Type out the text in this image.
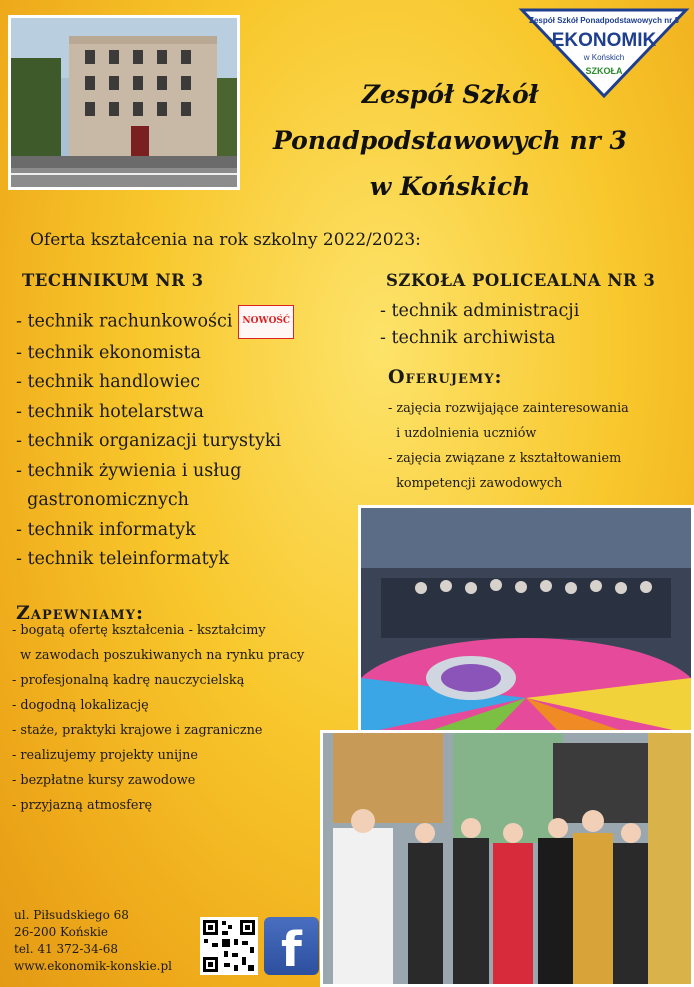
Zespół Szkół Ponadpodstawowych nr 3
EKONOMIK
w Końskich
SZKOŁA
Zespół Szkół
Ponadpodstawowych nr 3
w Końskich
Oferta kształcenia na rok szkolny 2022/2023:
TECHNIKUM NR 3
- technik rachunkowości NOWOŚĆ
- technik ekonomista
- technik handlowiec
- technik hotelarstwa
- technik organizacji turystyki
- technik żywienia i usług
gastronomicznych
- technik informatyk
- technik teleinformatyk
SZKOŁA POLICEALNA NR 3
- technik administracji
- technik archiwista
Oferujemy:
- zajęcia rozwijające zainteresowania
i uzdolnienia uczniów
- zajęcia związane z kształtowaniem
kompetencji zawodowych
Zapewniamy:
- bogatą ofertę kształcenia - kształcimy
w zawodach poszukiwanych na rynku pracy
- profesjonalną kadrę nauczycielską
- dogodną lokalizację
- staże, praktyki krajowe i zagraniczne
- realizujemy projekty unijne
- bezpłatne kursy zawodowe
- przyjazną atmosferę
ul. Piłsudskiego 68
26-200 Końskie
tel. 41 372-34-68
www.ekonomik-konskie.pl	f
